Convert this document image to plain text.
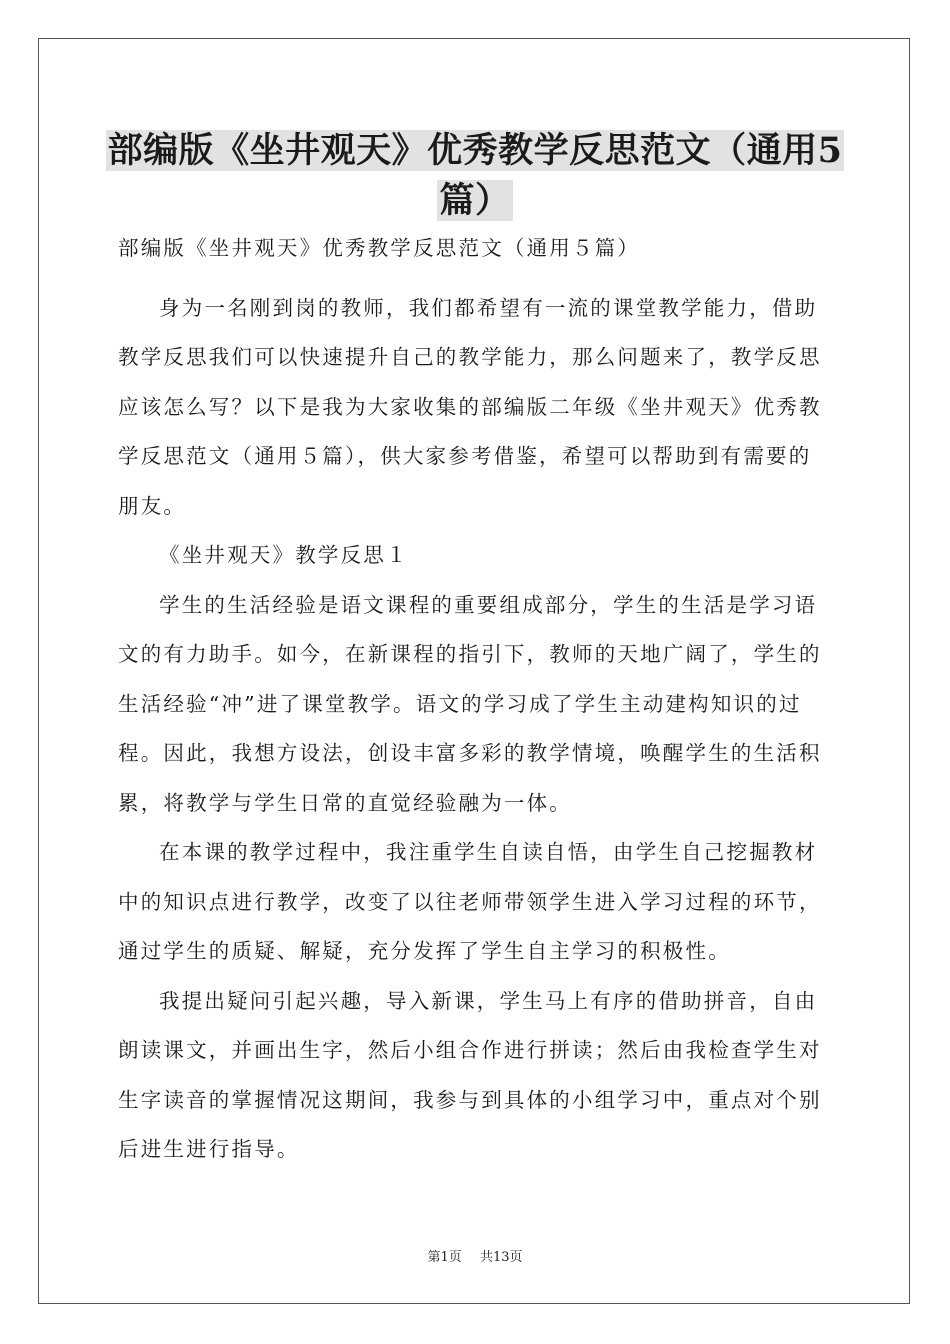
部编版《坐井观天》优秀教学反思范文（通用5篇）

部编版《坐井观天》优秀教学反思范文（通用５篇）

身为一名刚到岗的教师，我们都希望有一流的课堂教学能力，借助教学反思我们可以快速提升自己的教学能力，那么问题来了，教学反思应该怎么写？以下是我为大家收集的部编版二年级《坐井观天》优秀教学反思范文（通用５篇），供大家参考借鉴，希望可以帮助到有需要的朋友。

《坐井观天》教学反思１

学生的生活经验是语文课程的重要组成部分，学生的生活是学习语文的有力助手。如今，在新课程的指引下，教师的天地广阔了，学生的生活经验“冲”进了课堂教学。语文的学习成了学生主动建构知识的过程。因此，我想方设法，创设丰富多彩的教学情境，唤醒学生的生活积累，将教学与学生日常的直觉经验融为一体。

在本课的教学过程中，我注重学生自读自悟，由学生自己挖掘教材中的知识点进行教学，改变了以往老师带领学生进入学习过程的环节，通过学生的质疑、解疑，充分发挥了学生自主学习的积极性。

我提出疑问引起兴趣，导入新课，学生马上有序的借助拼音，自由朗读课文，并画出生字，然后小组合作进行拼读；然后由我检查学生对生字读音的掌握情况这期间，我参与到具体的小组学习中，重点对个别后进生进行指导。

第1页 共13页
